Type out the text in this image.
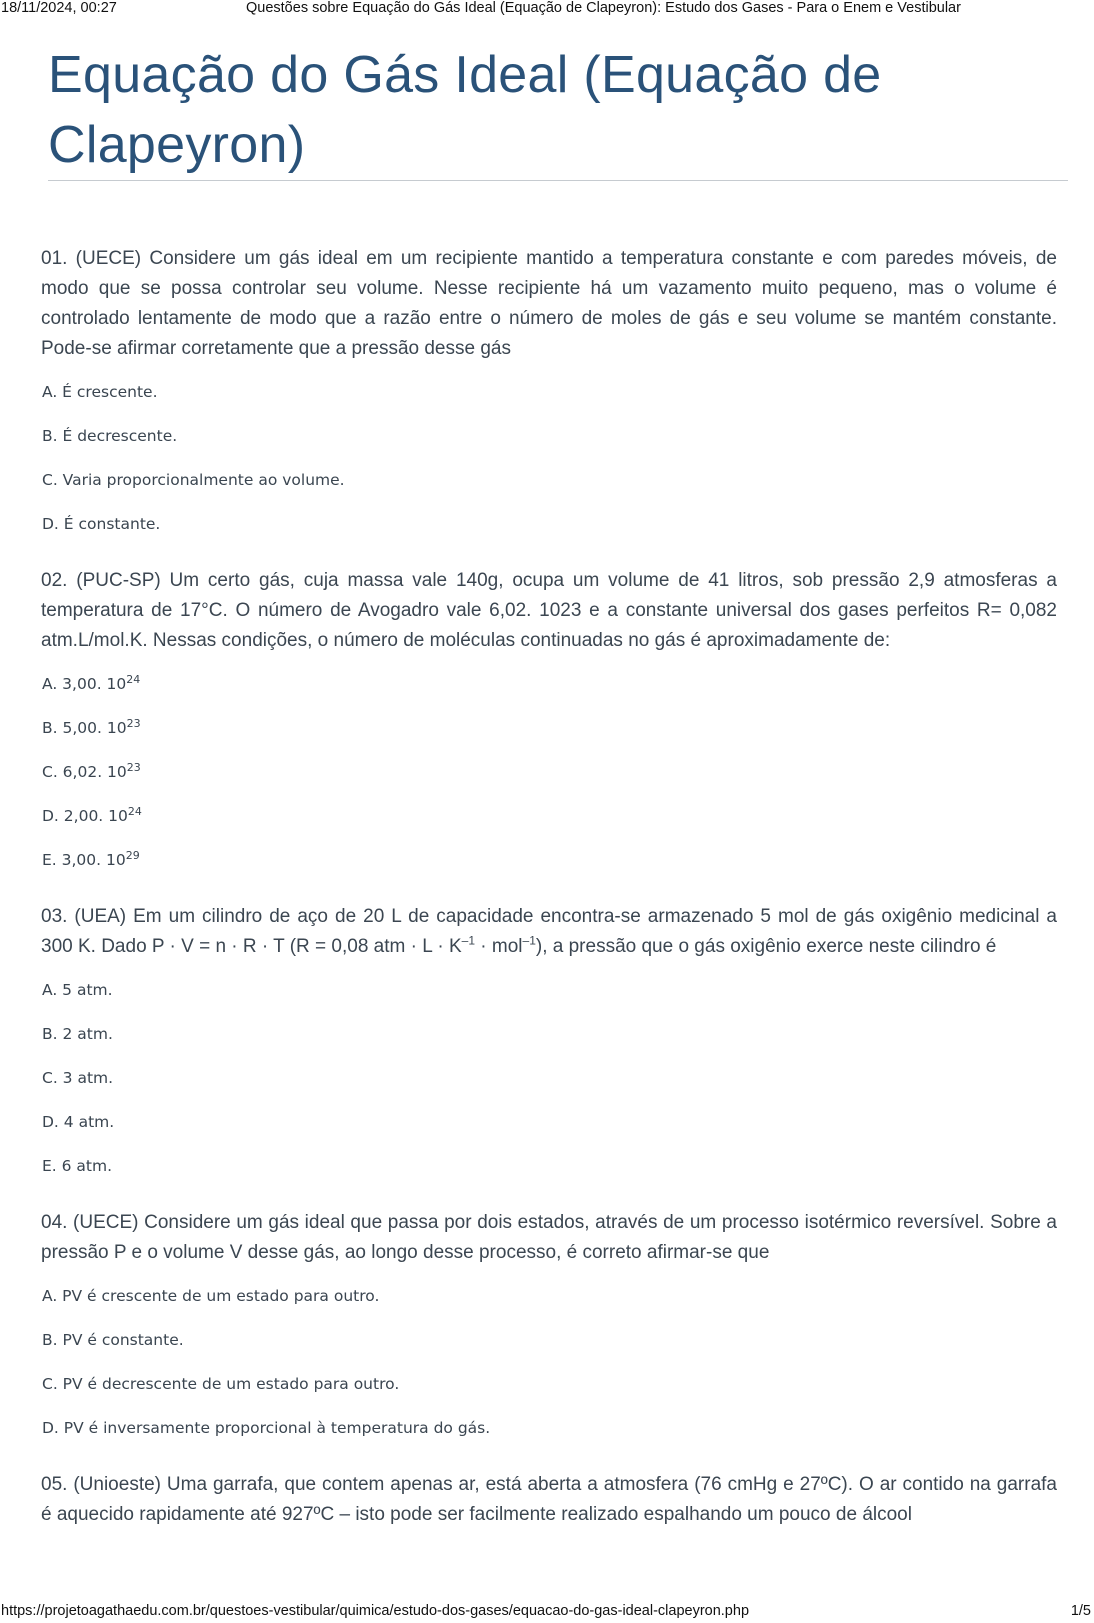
18/11/2024, 00:27	Questões sobre Equação do Gás Ideal (Equação de Clapeyron): Estudo dos Gases - Para o Enem e Vestibular
Equação do Gás Ideal (Equação de Clapeyron)

01. (UECE) Considere um gás ideal em um recipiente mantido a temperatura constante e com paredes móveis, de modo que se possa controlar seu volume. Nesse recipiente há um vazamento muito pequeno, mas o volume é controlado lentamente de modo que a razão entre o número de moles de gás e seu volume se mantém constante. Pode-se afirmar corretamente que a pressão desse gás

A. É crescente.
B. É decrescente.
C. Varia proporcionalmente ao volume.
D. É constante.

02. (PUC-SP) Um certo gás, cuja massa vale 140g, ocupa um volume de 41 litros, sob pressão 2,9 atmosferas a temperatura de 17°C. O número de Avogadro vale 6,02. 1023 e a constante universal dos gases perfeitos R= 0,082 atm.L/mol.K. Nessas condições, o número de moléculas continuadas no gás é aproximadamente de:

A. 3,00. $10^{24}$
B. 5,00. $10^{23}$
C. 6,02. $10^{23}$
D. 2,00. $10^{24}$
E. 3,00. $10^{29}$

03. (UEA) Em um cilindro de aço de 20 L de capacidade encontra-se armazenado 5 mol de gás oxigênio medicinal a 300 K. Dado P · V = n · R · T (R = 0,08 atm · $L \cdot K^{-1} \cdot mol^{-1}$), a pressão que o gás oxigênio exerce neste cilindro é

A. 5 atm.
B. 2 atm.
C. 3 atm.
D. 4 atm.
E. 6 atm.

04. (UECE) Considere um gás ideal que passa por dois estados, através de um processo isotérmico reversível. Sobre a pressão P e o volume V desse gás, ao longo desse processo, é correto afirmar-se que

A. PV é crescente de um estado para outro.
B. PV é constante.
C. PV é decrescente de um estado para outro.
D. PV é inversamente proporcional à temperatura do gás.

05. (Unioeste) Uma garrafa, que contem apenas ar, está aberta a atmosfera (76 cmHg e 27ºC). O ar contido na garrafa é aquecido rapidamente até 927ºC – isto pode ser facilmente realizado espalhando um pouco de álcool

https://projetoagathaedu.com.br/questoes-vestibular/quimica/estudo-dos-gases/equacao-do-gas-ideal-clapeyron.php	1/5
